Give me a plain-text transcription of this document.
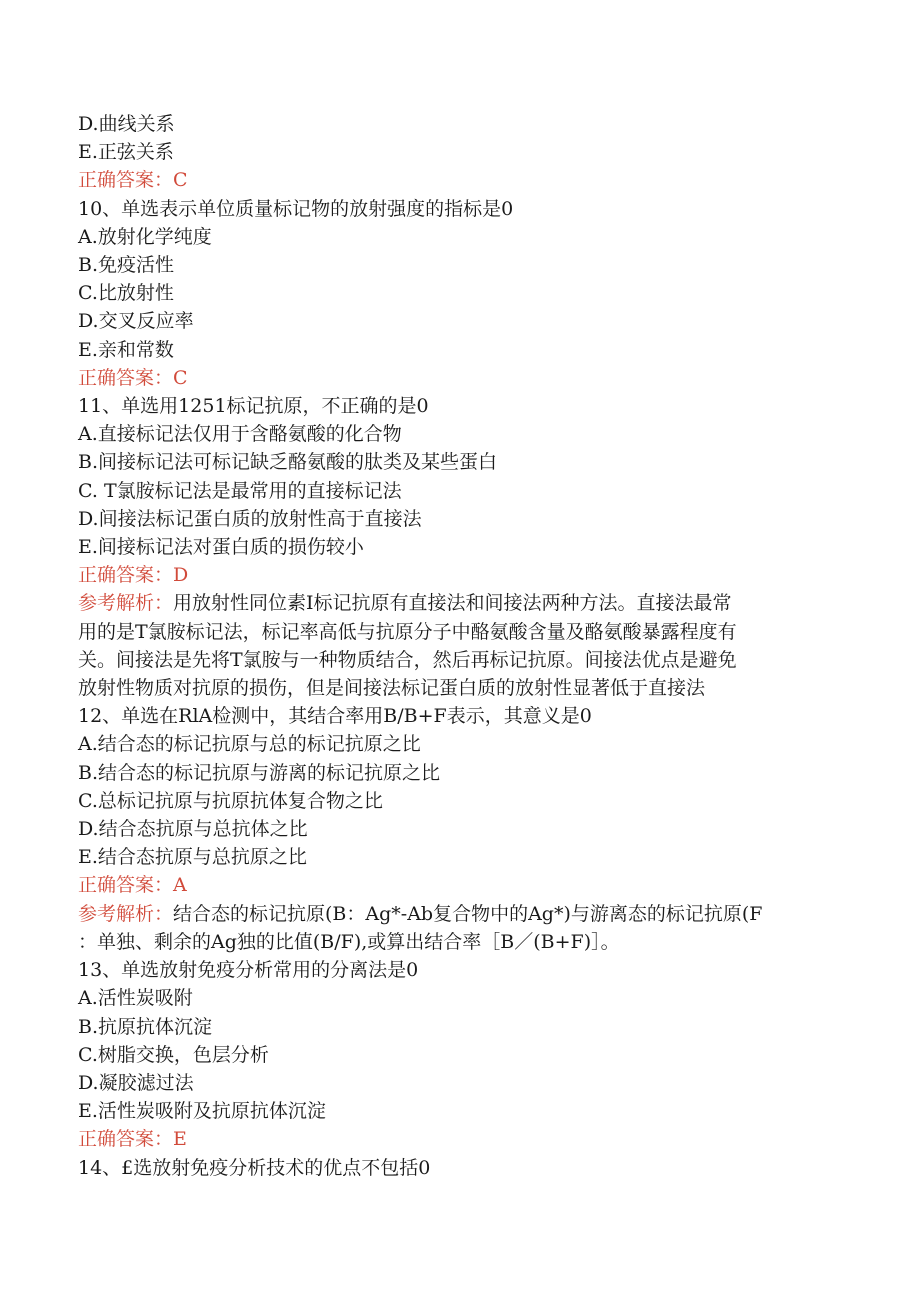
D.曲线关系
E.正弦关系
正确答案：C
10、单选表示单位质量标记物的放射强度的指标是0
A.放射化学纯度
B.免疫活性
C.比放射性
D.交叉反应率
E.亲和常数
正确答案：C
11、单选用1251标记抗原，不正确的是0
A.直接标记法仅用于含酪氨酸的化合物
B.间接标记法可标记缺乏酪氨酸的肽类及某些蛋白
C. T氯胺标记法是最常用的直接标记法
D.间接法标记蛋白质的放射性高于直接法
E.间接标记法对蛋白质的损伤较小
正确答案：D
参考解析：用放射性同位素I标记抗原有直接法和间接法两种方法。直接法最常
用的是T氯胺标记法，标记率高低与抗原分子中酪氨酸含量及酪氨酸暴露程度有
关。间接法是先将T氯胺与一种物质结合，然后再标记抗原。间接法优点是避免
放射性物质对抗原的损伤，但是间接法标记蛋白质的放射性显著低于直接法
12、单选在RlA检测中，其结合率用B/B+F表示，其意义是0
A.结合态的标记抗原与总的标记抗原之比
B.结合态的标记抗原与游离的标记抗原之比
C.总标记抗原与抗原抗体复合物之比
D.结合态抗原与总抗体之比
E.结合态抗原与总抗原之比
正确答案：A
参考解析：结合态的标记抗原(B：Ag*-Ab复合物中的Ag*)与游离态的标记抗原(F
：单独、剩余的Ag独的比值(B/F),或算出结合率［B／(B+F)］。
13、单选放射免疫分析常用的分离法是0
A.活性炭吸附
B.抗原抗体沉淀
C.树脂交换，色层分析
D.凝胶滤过法
E.活性炭吸附及抗原抗体沉淀
正确答案：E
14、£选放射免疫分析技术的优点不包括0
